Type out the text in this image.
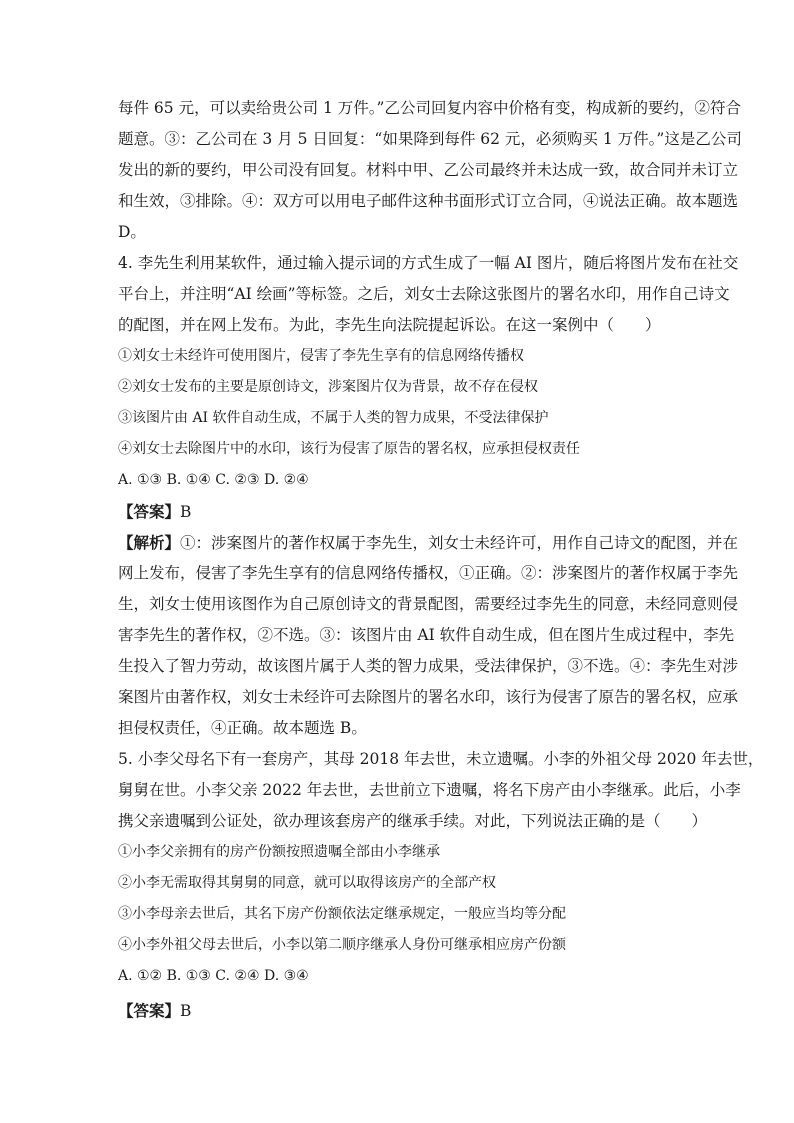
每件 65 元，可以卖给贵公司 1 万件。”乙公司回复内容中价格有变，构成新的要约，②符合
题意。③：乙公司在 3 月 5 日回复：“如果降到每件 62 元，必须购买 1 万件。”这是乙公司
发出的新的要约，甲公司没有回复。材料中甲、乙公司最终并未达成一致，故合同并未订立
和生效，③排除。④：双方可以用电子邮件这种书面形式订立合同，④说法正确。故本题选
D。
4. 李先生利用某软件，通过输入提示词的方式生成了一幅 AI 图片，随后将图片发布在社交
平台上，并注明“AI 绘画”等标签。之后，刘女士去除这张图片的署名水印，用作自己诗文
的配图，并在网上发布。为此，李先生向法院提起诉讼。在这一案例中（　　）
①刘女士未经许可使用图片，侵害了李先生享有的信息网络传播权
②刘女士发布的主要是原创诗文，涉案图片仅为背景，故不存在侵权
③该图片由 AI 软件自动生成，不属于人类的智力成果，不受法律保护
④刘女士去除图片中的水印，该行为侵害了原告的署名权，应承担侵权责任
A. ①③ B. ①④ C. ②③ D. ②④
【答案】B
【解析】①：涉案图片的著作权属于李先生，刘女士未经许可，用作自己诗文的配图，并在
网上发布，侵害了李先生享有的信息网络传播权，①正确。②：涉案图片的著作权属于李先
生，刘女士使用该图作为自己原创诗文的背景配图，需要经过李先生的同意，未经同意则侵
害李先生的著作权，②不选。③：该图片由 AI 软件自动生成，但在图片生成过程中，李先
生投入了智力劳动，故该图片属于人类的智力成果，受法律保护，③不选。④：李先生对涉
案图片由著作权，刘女士未经许可去除图片的署名水印，该行为侵害了原告的署名权，应承
担侵权责任，④正确。故本题选 B。
5. 小李父母名下有一套房产，其母 2018 年去世，未立遗嘱。小李的外祖父母 2020 年去世，
舅舅在世。小李父亲 2022 年去世，去世前立下遗嘱，将名下房产由小李继承。此后，小李
携父亲遗嘱到公证处，欲办理该套房产的继承手续。对此，下列说法正确的是（　　）
①小李父亲拥有的房产份额按照遗嘱全部由小李继承
②小李无需取得其舅舅的同意，就可以取得该房产的全部产权
③小李母亲去世后，其名下房产份额依法定继承规定，一般应当均等分配
④小李外祖父母去世后，小李以第二顺序继承人身份可继承相应房产份额
A. ①② B. ①③ C. ②④ D. ③④
【答案】B
